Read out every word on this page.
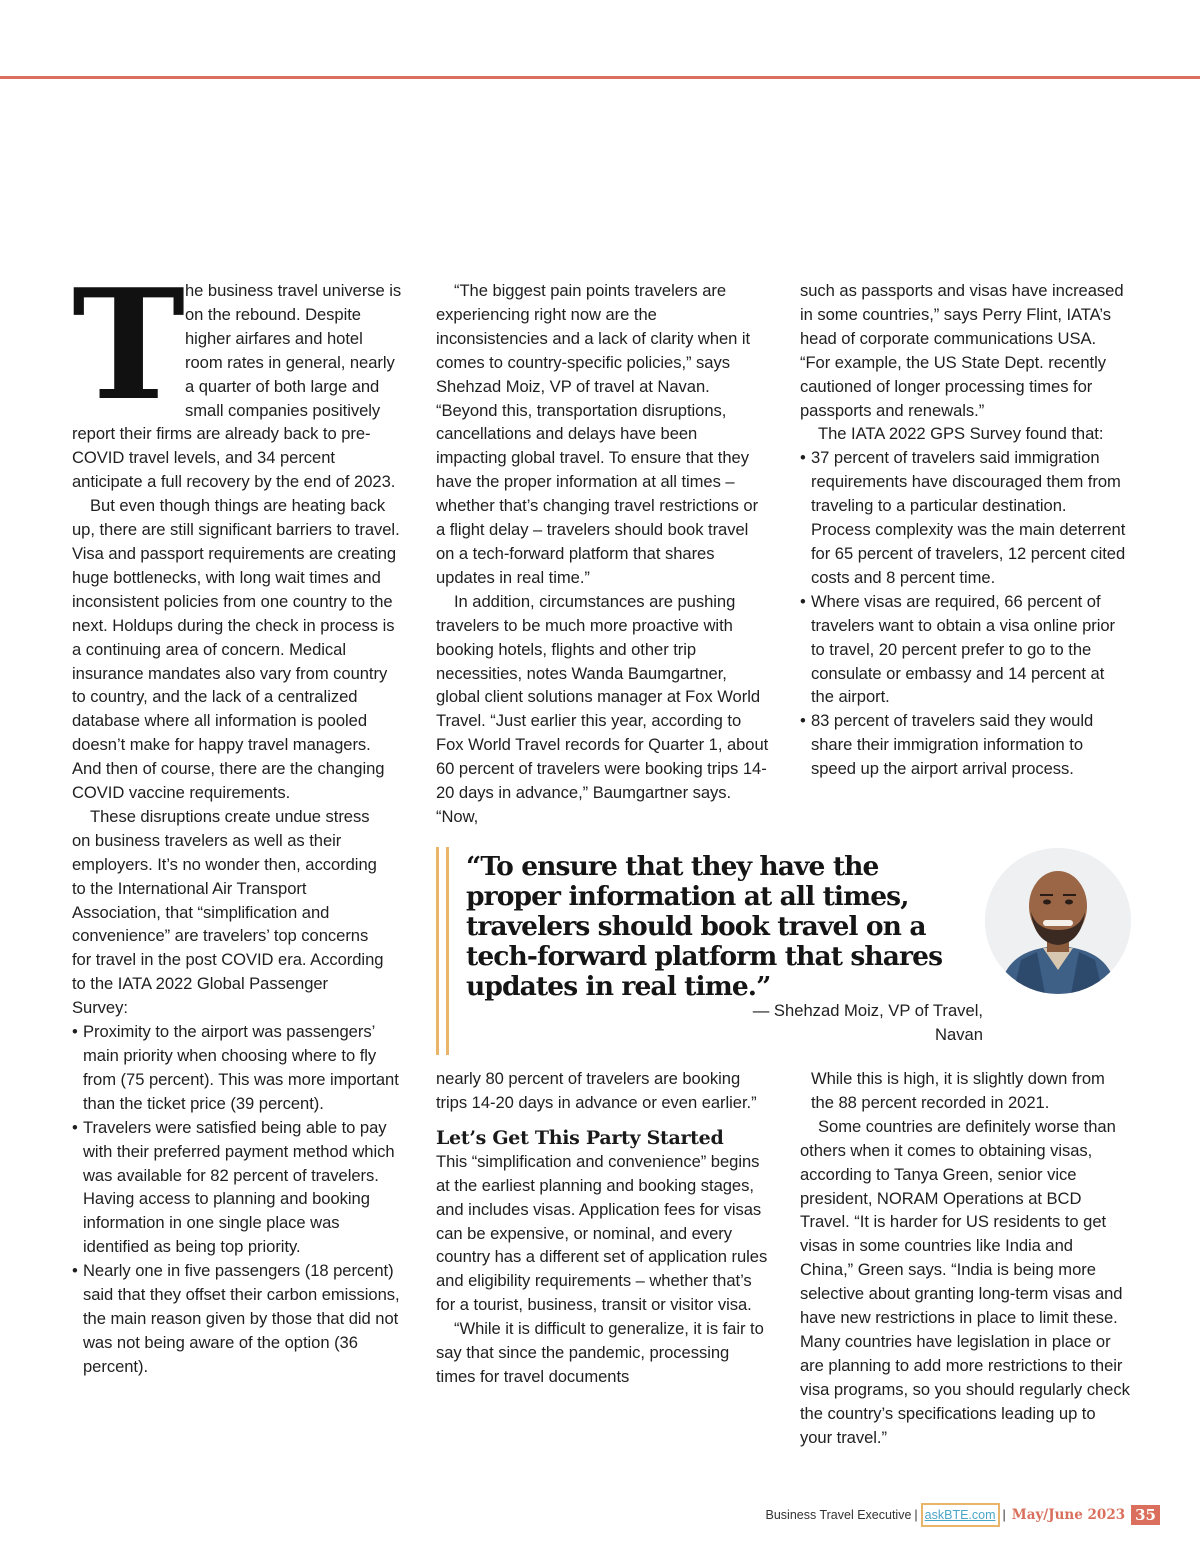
T he business travel universe is on the rebound. Despite higher airfares and hotel room rates in general, nearly a quarter of both large and small companies positively report their firms are already back to pre-COVID travel levels, and 34 percent anticipate a full recovery by the end of 2023.

But even though things are heating back up, there are still significant barriers to travel. Visa and passport requirements are creating huge bottlenecks, with long wait times and inconsistent policies from one country to the next. Holdups during the check in process is a continuing area of concern. Medical insurance mandates also vary from country to country, and the lack of a centralized database where all information is pooled doesn’t make for happy travel managers. And then of course, there are the changing COVID vaccine requirements.

These disruptions create undue stress on business travelers as well as their employers. It’s no wonder then, according to the International Air Transport Association, that “simplification and convenience” are travelers’ top concerns for travel in the post COVID era. According to the IATA 2022 Global Passenger Survey:

• Proximity to the airport was passengers’ main priority when choosing where to fly from (75 percent). This was more important than the ticket price (39 percent).
• Travelers were satisfied being able to pay with their preferred payment method which was available for 82 percent of travelers. Having access to planning and booking information in one single place was identified as being top priority.
• Nearly one in five passengers (18 percent) said that they offset their carbon emissions, the main reason given by those that did not was not being aware of the option (36 percent).

“The biggest pain points travelers are experiencing right now are the inconsistencies and a lack of clarity when it comes to country-specific policies,” says Shehzad Moiz, VP of travel at Navan. “Beyond this, transportation disruptions, cancellations and delays have been impacting global travel. To ensure that they have the proper information at all times – whether that’s changing travel restrictions or a flight delay – travelers should book travel on a tech-forward platform that shares updates in real time.”

In addition, circumstances are pushing travelers to be much more proactive with booking hotels, flights and other trip necessities, notes Wanda Baumgartner, global client solutions manager at Fox World Travel. “Just earlier this year, according to Fox World Travel records for Quarter 1, about 60 percent of travelers were booking trips 14-20 days in advance,” Baumgartner says. “Now,

such as passports and visas have increased in some countries,” says Perry Flint, IATA’s head of corporate communications USA. “For example, the US State Dept. recently cautioned of longer processing times for passports and renewals.”

The IATA 2022 GPS Survey found that:

• 37 percent of travelers said immigration requirements have discouraged them from traveling to a particular destination. Process complexity was the main deterrent for 65 percent of travelers, 12 percent cited costs and 8 percent time.
• Where visas are required, 66 percent of travelers want to obtain a visa online prior to travel, 20 percent prefer to go to the consulate or embassy and 14 percent at the airport.
• 83 percent of travelers said they would share their immigration information to speed up the airport arrival process.
“To ensure that they have the proper information at all times, travelers should book travel on a tech-forward platform that shares updates in real time.”
— Shehzad Moiz, VP of Travel,
Navan

nearly 80 percent of travelers are booking trips 14-20 days in advance or even earlier.”

Let’s Get This Party Started

This “simplification and convenience” begins at the earliest planning and booking stages, and includes visas. Application fees for visas can be expensive, or nominal, and every country has a different set of application rules and eligibility requirements – whether that’s for a tourist, business, transit or visitor visa.

“While it is difficult to generalize, it is fair to say that since the pandemic, processing times for travel documents

While this is high, it is slightly down from the 88 percent recorded in 2021.

Some countries are definitely worse than others when it comes to obtaining visas, according to Tanya Green, senior vice president, NORAM Operations at BCD Travel. “It is harder for US residents to get visas in some countries like India and China,” Green says. “India is being more selective about granting long-term visas and have new restrictions in place to limit these. Many countries have legislation in place or are planning to add more restrictions to their visa programs, so you should regularly check the country’s specifications leading up to your travel.”

Business Travel Executive | askBTE.com | May/June 2023 35
